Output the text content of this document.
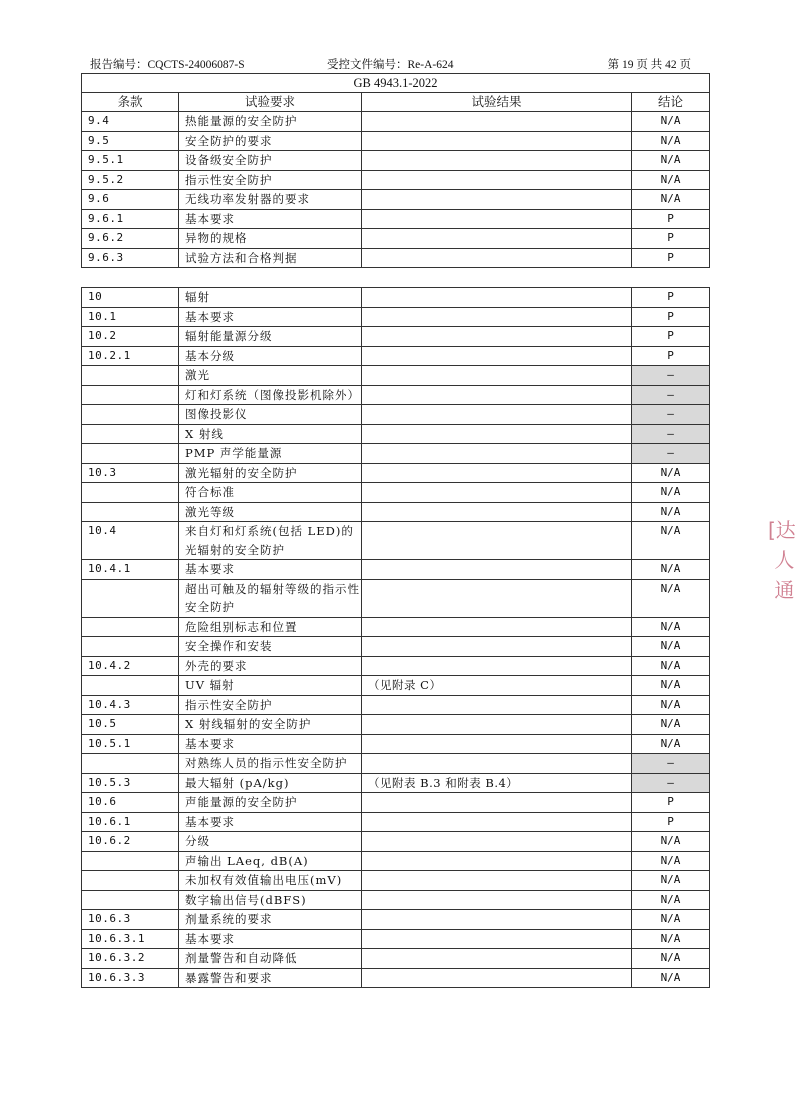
报告编号：CQCTS-24006087-S	受控文件编号：Re-A-624	第 19 页 共 42 页
GB 4943.1-2022			
条款	试验要求	试验结果	结论
9.4	热能量源的安全防护		N/A
9.5	安全防护的要求		N/A
9.5.1	设备级安全防护		N/A
9.5.2	指示性安全防护		N/A
9.6	无线功率发射器的要求		N/A
9.6.1	基本要求		P
9.6.2	异物的规格		P
9.6.3	试验方法和合格判据		P
10	辐射		P
10.1	基本要求		P
10.2	辐射能量源分级		P
10.2.1	基本分级		P
	激光		—
	灯和灯系统（图像投影机除外）		—
	图像投影仪		—
	X 射线		—
	PMP 声学能量源		—
10.3	激光辐射的安全防护		N/A
	符合标准		N/A
	激光等级		N/A
10.4	来自灯和灯系统(包括 LED)的光辐射的安全防护		N/A
10.4.1	基本要求		N/A
	超出可触及的辐射等级的指示性安全防护		N/A
	危险组别标志和位置		N/A
	安全操作和安装		N/A
10.4.2	外壳的要求		N/A
	UV 辐射	（见附录 C）	N/A
10.4.3	指示性安全防护		N/A
10.5	X 射线辐射的安全防护		N/A
10.5.1	基本要求		N/A
	对熟练人员的指示性安全防护		—
10.5.3	最大辐射 (pA/kg)	（见附表 B.3 和附表 B.4）	—
10.6	声能量源的安全防护		P
10.6.1	基本要求		P
10.6.2	分级		N/A
	声输出 LAeq, dB(A)		N/A
	未加权有效值输出电压(mV)		N/A
	数字输出信号(dBFS)		N/A
10.6.3	剂量系统的要求		N/A
10.6.3.1	基本要求		N/A
10.6.3.2	剂量警告和自动降低		N/A
10.6.3.3	暴露警告和要求		N/A
[达
人
通
